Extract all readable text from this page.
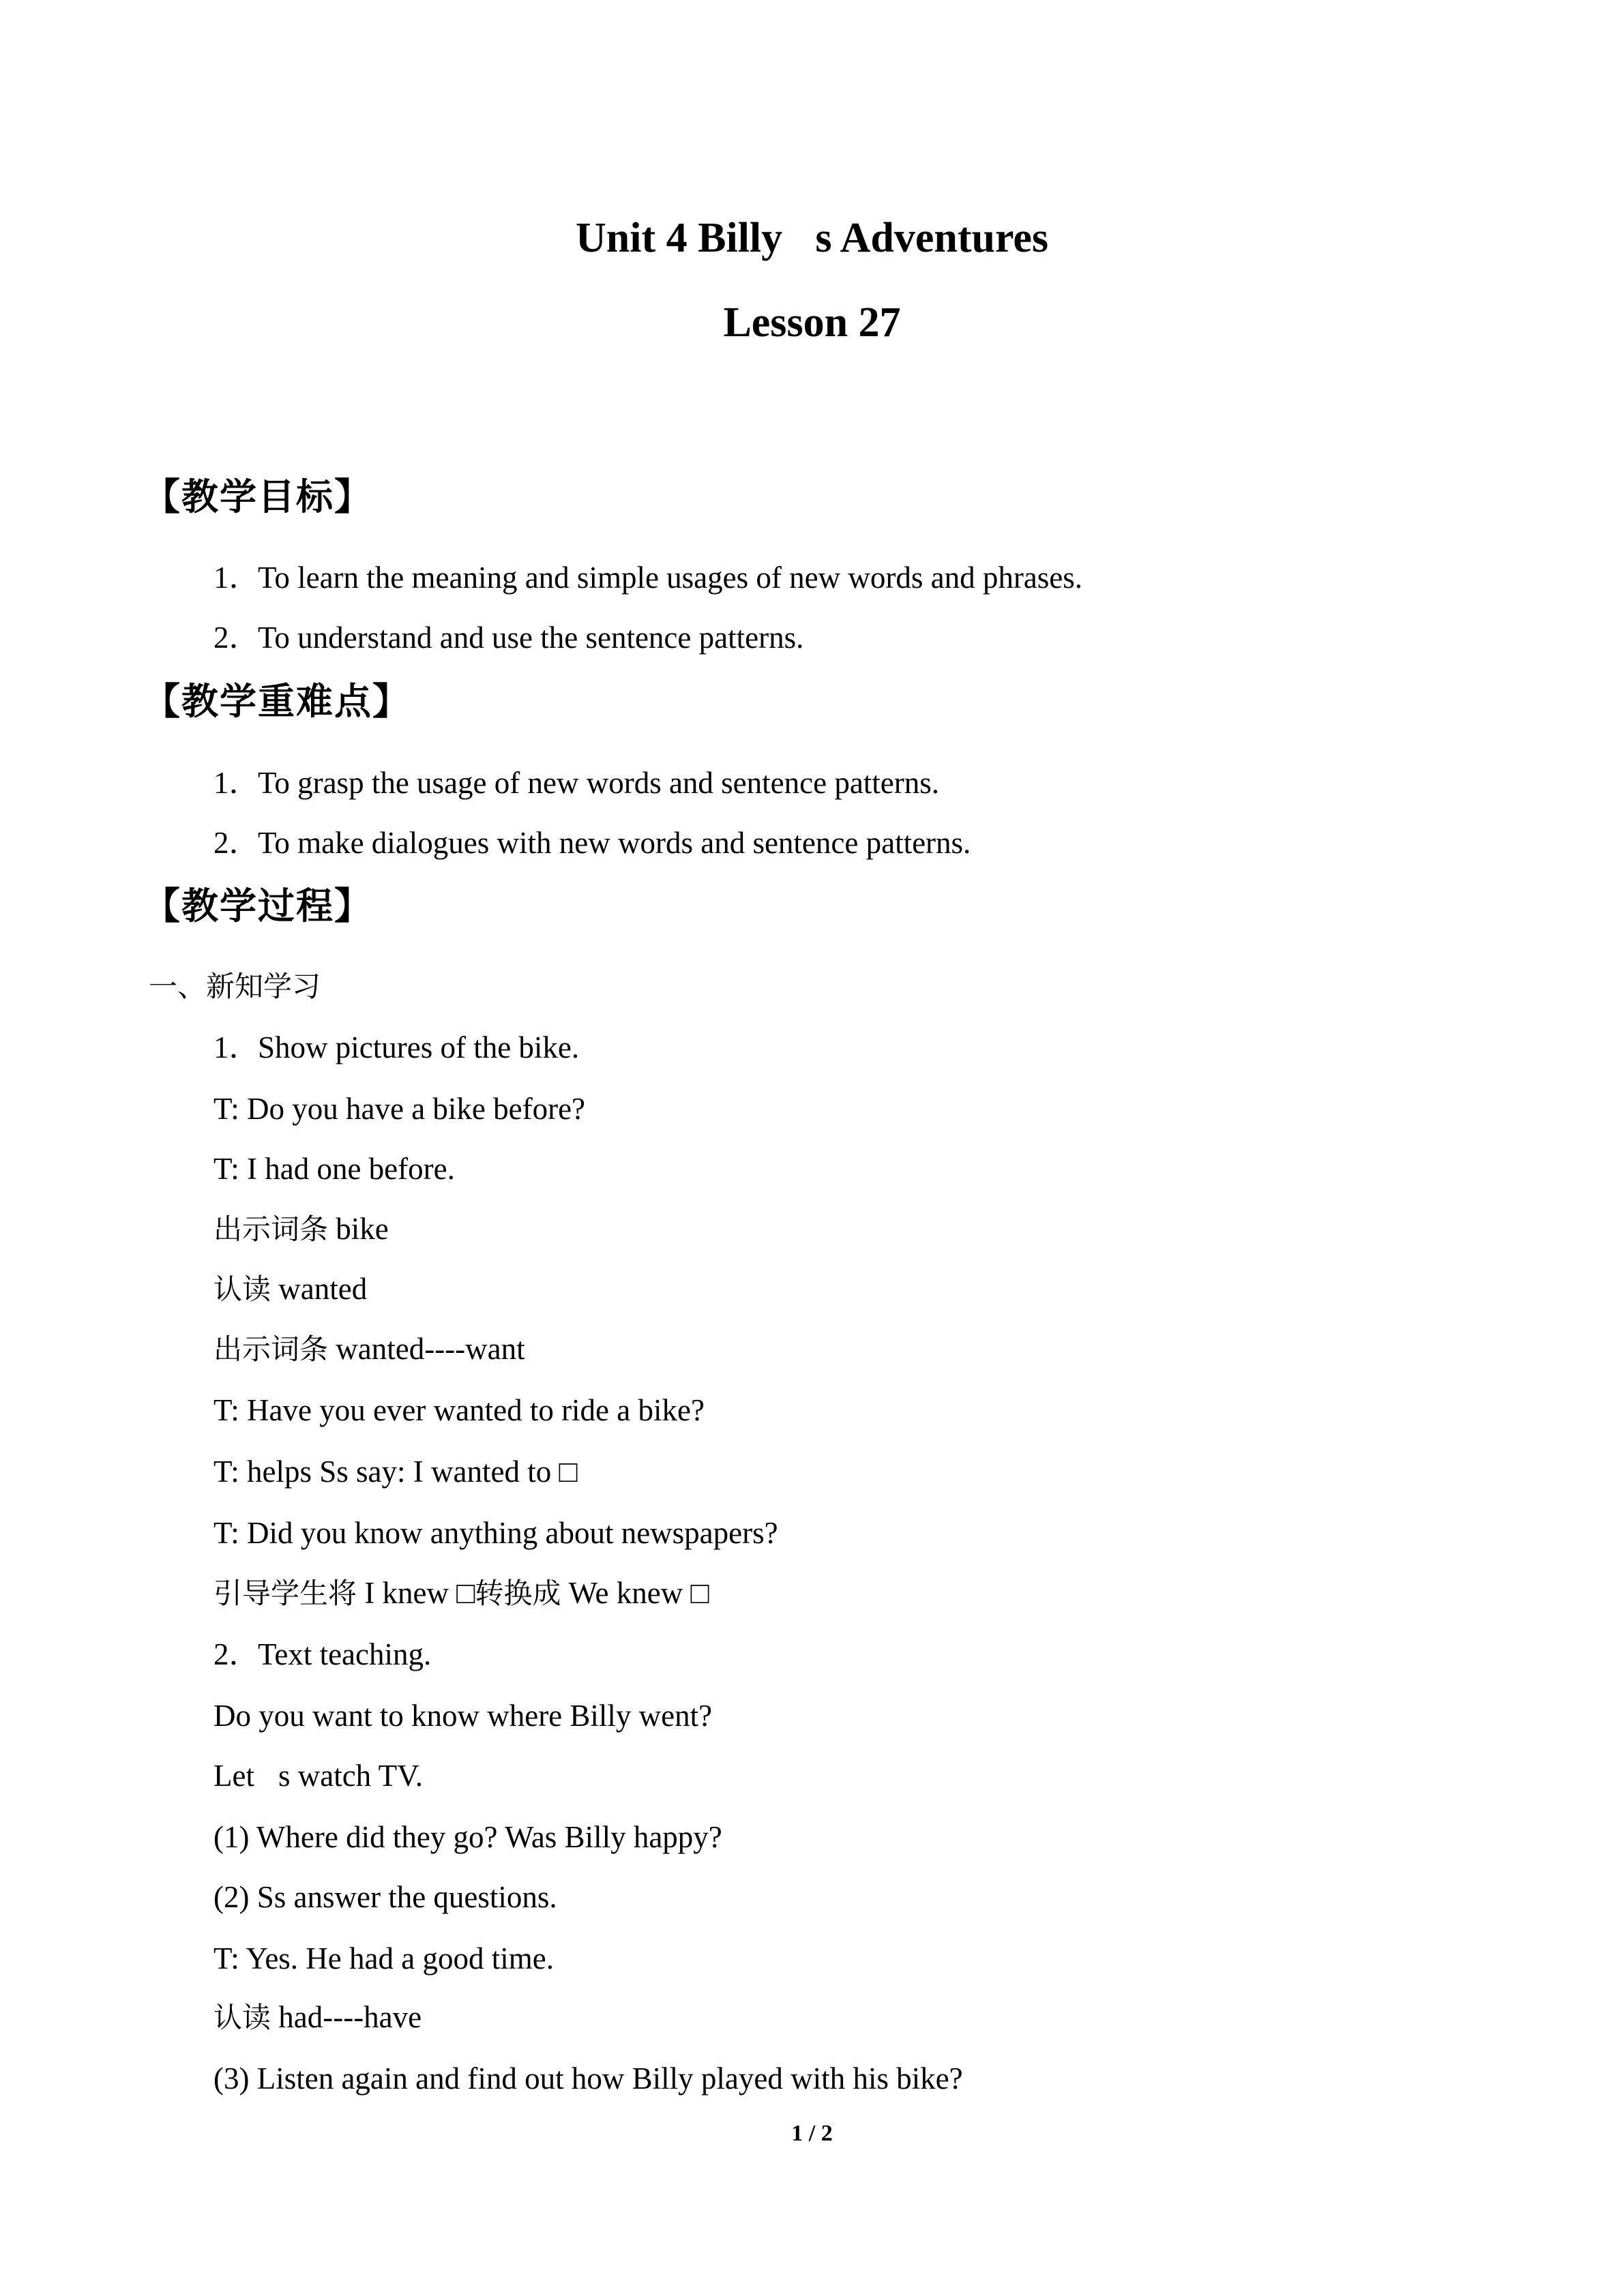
Unit 4 Billy s Adventures
Lesson 27
【教学目标】
1．To learn the meaning and simple usages of new words and phrases.
2．To understand and use the sentence patterns.
【教学重难点】
1．To grasp the usage of new words and sentence patterns.
2．To make dialogues with new words and sentence patterns.
【教学过程】
一、新知学习
1．Show pictures of the bike.
T: Do you have a bike before?
T: I had one before.
出示词条 bike
认读 wanted
出示词条 wanted----want
T: Have you ever wanted to ride a bike?
T: helps Ss say: I wanted to □
T: Did you know anything about newspapers?
引导学生将 I knew □转换成 We knew □
2．Text teaching.
Do you want to know where Billy went?
Let s watch TV.
(1) Where did they go? Was Billy happy?
(2) Ss answer the questions.
T: Yes. He had a good time.
认读 had----have
(3) Listen again and find out how Billy played with his bike?
1 / 2
